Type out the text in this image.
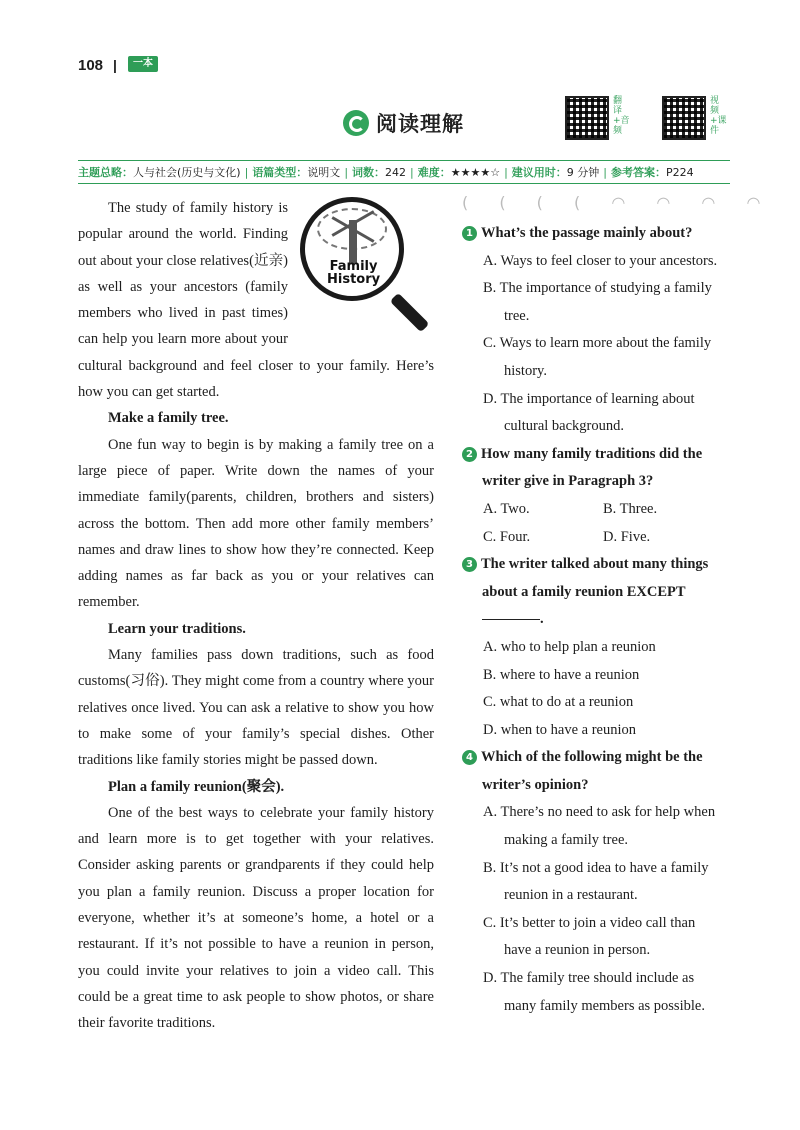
108 |	一本
阅读理解
翻译+音频
视频+课件
主题总略： 人与社会(历史与文化) | 语篇类型： 说明文 | 词数： 242 | 难度： ★★★★☆ | 建议用时： 9 分钟 | 参考答案： P224
Family
History

The study of family history is popular around the world. Finding out about your close relatives(近亲) as well as your ancestors (family members who lived in past times) can help you learn more about your cultural background and feel closer to your family. Here’s how you can get started.

Make a family tree.

One fun way to begin is by making a family tree on a large piece of paper. Write down the names of your immediate family(parents, children, brothers and sisters) across the bottom. Then add more other family members’ names and draw lines to show how they’re connected. Keep adding names as far back as you or your relatives can remember.

Learn your traditions.

Many families pass down traditions, such as food customs(习俗). They might come from a country where your relatives once lived. You can ask a relative to show you how to make some of your family’s special dishes. Other traditions like family stories might be passed down.

Plan a family reunion(聚会).

One of the best ways to celebrate your family history and learn more is to get together with your relatives. Consider asking parents or grandparents if they could help you plan a family reunion. Discuss a proper location for everyone, whether it’s at someone’s home, a hotel or a restaurant. If it’s not possible to have a reunion in person, you could invite your relatives to join a video call. This could be a great time to ask people to show photos, or share their favorite traditions.

( ( ( ( ◠ ◠ ◠ ◠
1 What’s the passage mainly about?
A. Ways to feel closer to your ancestors.
B. The importance of studying a family tree.
C. Ways to learn more about the family history.
D. The importance of learning about cultural background.
2 How many family traditions did the writer give in Paragraph 3?
A. Two.	B. Three.
C. Four.	D. Five.
3 The writer talked about many things about a family reunion EXCEPT .
A. who to help plan a reunion
B. where to have a reunion
C. what to do at a reunion
D. when to have a reunion
4 Which of the following might be the writer’s opinion?
A. There’s no need to ask for help when making a family tree.
B. It’s not a good idea to have a family reunion in a restaurant.
C. It’s better to join a video call than have a reunion in person.
D. The family tree should include as many family members as possible.
